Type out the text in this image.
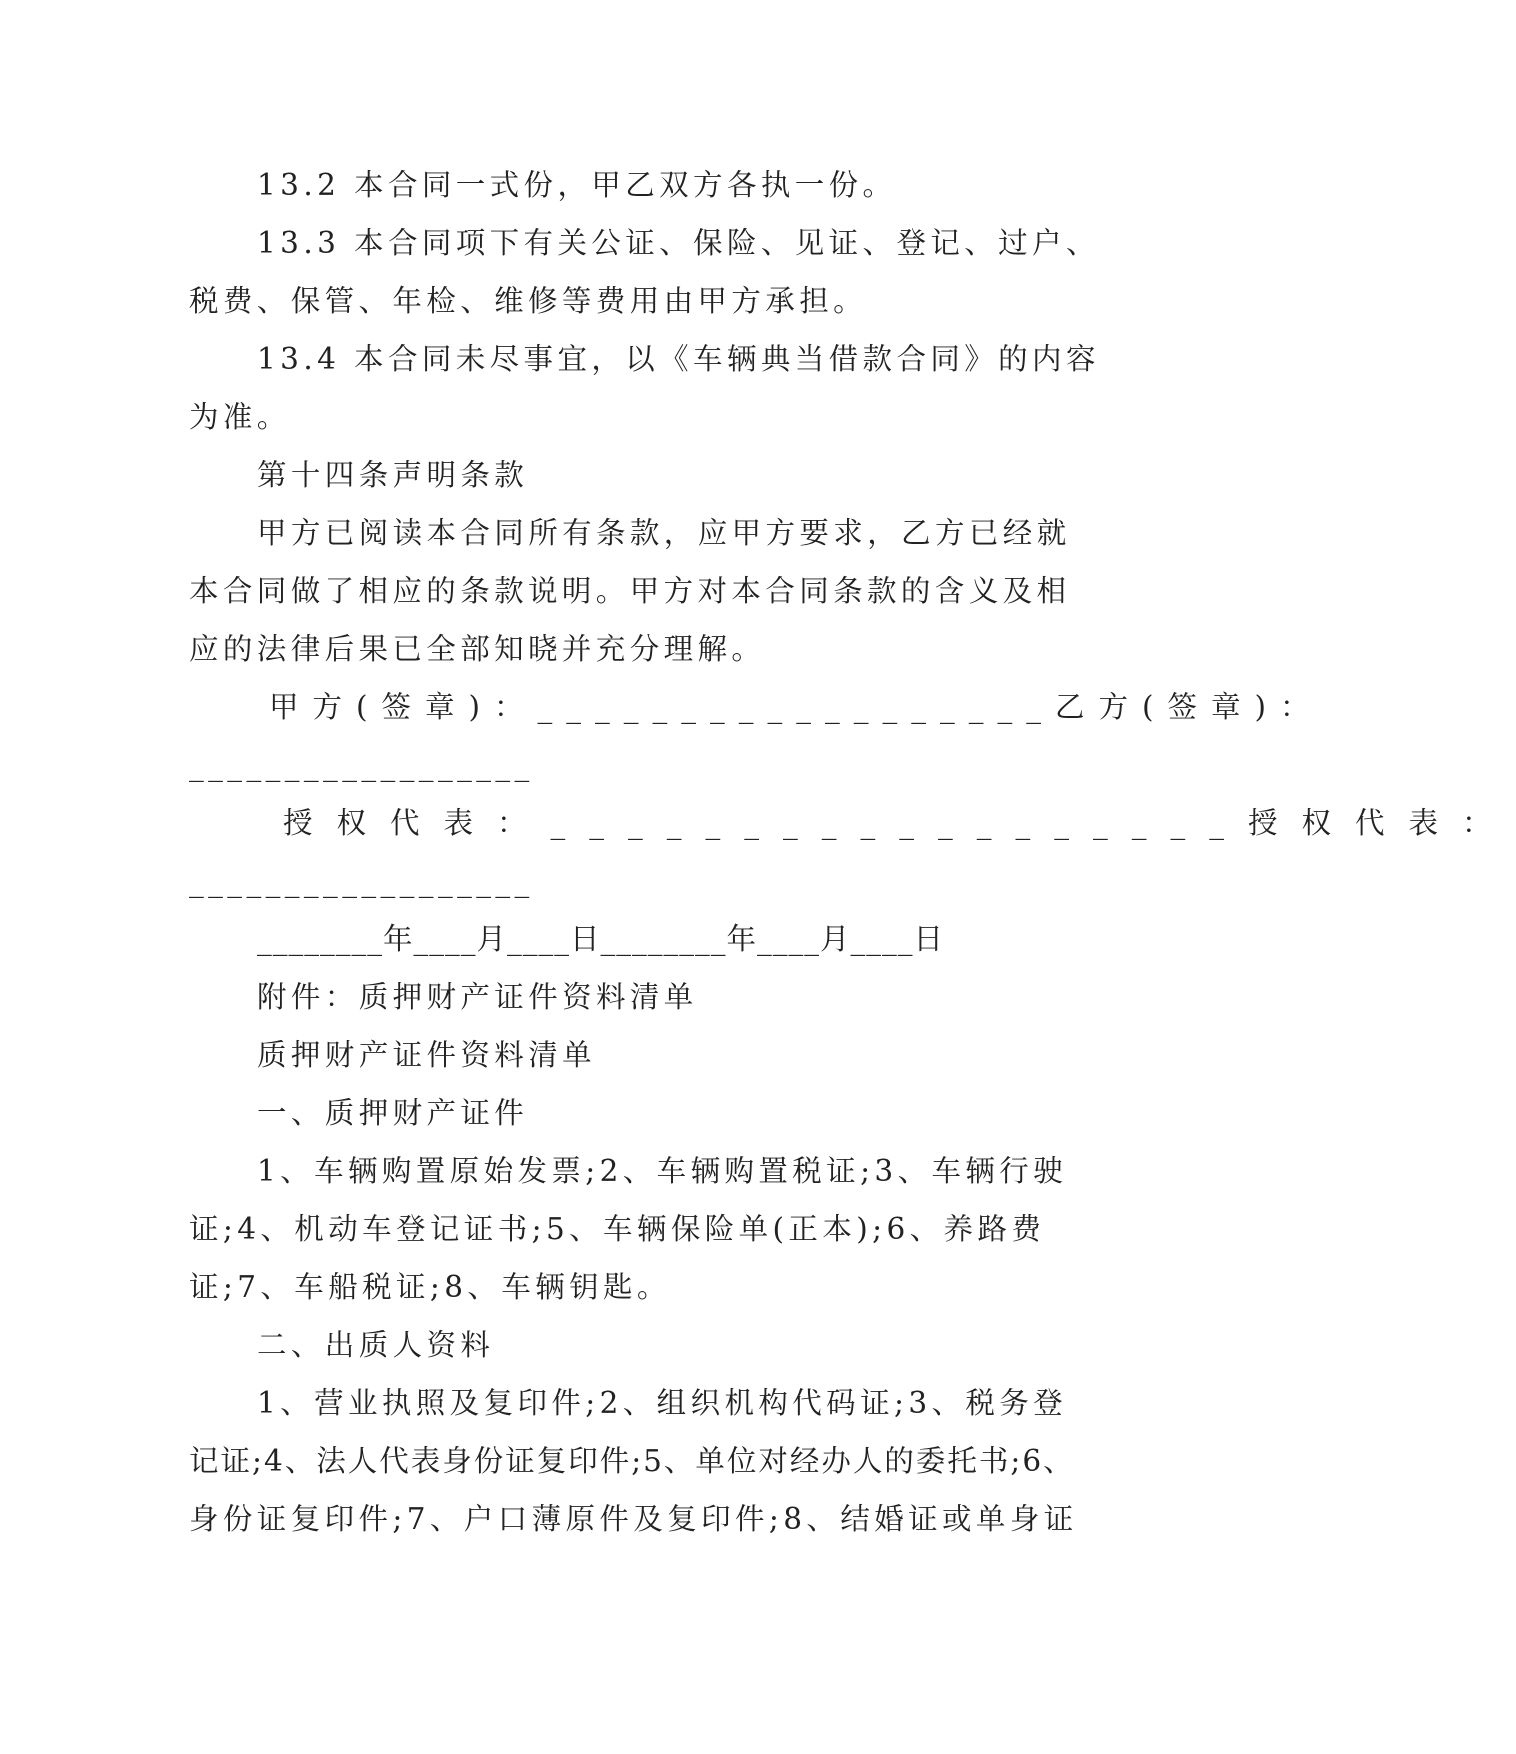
13.2 本合同一式份，甲乙双方各执一份。

13.3 本合同项下有关公证、保险、见证、登记、过户、

税费、保管、年检、维修等费用由甲方承担。

13.4 本合同未尽事宜，以《车辆典当借款合同》的内容

为准。

第十四条声明条款

甲方已阅读本合同所有条款，应甲方要求，乙方已经就

本合同做了相应的条款说明。甲方对本合同条款的含义及相

应的法律后果已全部知晓并充分理解。

甲方(签章)：__________________乙方(签章)：

__________________

授权代表：__________________授权代表：

__________________

________年____月____日________年____月____日

附件：质押财产证件资料清单

质押财产证件资料清单

一、质押财产证件

1、车辆购置原始发票;2、车辆购置税证;3、车辆行驶

证;4、机动车登记证书;5、车辆保险单(正本);6、养路费

证;7、车船税证;8、车辆钥匙。

二、出质人资料

1、营业执照及复印件;2、组织机构代码证;3、税务登

记证;4、法人代表身份证复印件;5、单位对经办人的委托书;6、

身份证复印件;7、户口薄原件及复印件;8、结婚证或单身证
